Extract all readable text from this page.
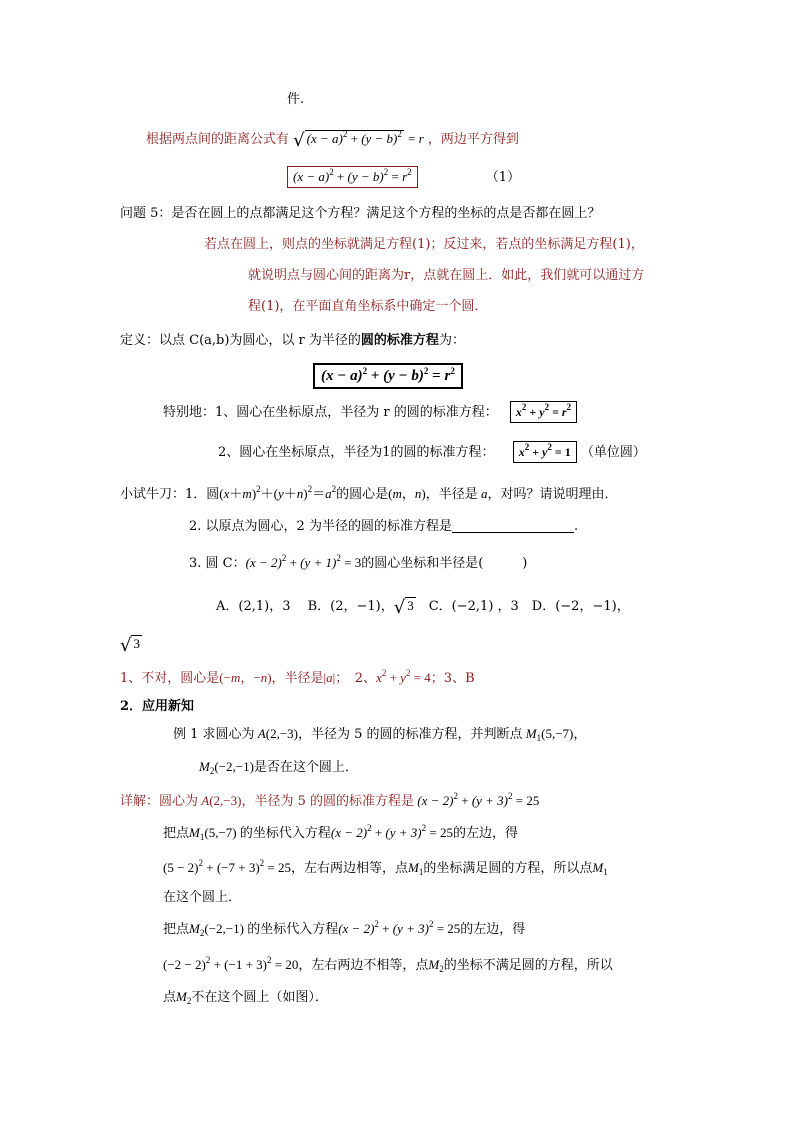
件.
根据两点间的距离公式有 √ $(x - a)^2 + (y - b)^2 = r$ ，两边平方得到
$(x - a)^2 + (y - b)^2 = r^2$	（1）
问题 5：是否在圆上的点都满足这个方程？满足这个方程的坐标的点是否都在圆上？
若点在圆上，则点的坐标就满足方程(1)；反过来，若点的坐标满足方程(1)，
就说明点与圆心间的距离为r，点就在圆上．如此，我们就可以通过方
程(1)，在平面直角坐标系中确定一个圆．
定义：以点 C(a,b)为圆心，以 r 为半径的圆的标准方程为：
$(x - a)^2 + (y - b)^2 = r^2$
特别地：1、圆心在坐标原点，半径为 r 的圆的标准方程： $x^2 + y^2 = r^2$
2、圆心在坐标原点，半径为1的圆的标准方程： $x^2 + y^2 = 1$ （单位圆）
小试牛刀：1．圆$(x+m)^2+(y+n)^2=a^2$的圆心是(m，n)，半径是 a，对吗？请说明理由．
2. 以原点为圆心，2 为半径的圆的标准方程是	.
3. 圆 C：$(x - 2)^2 + (y + 1)^2 = 3$的圆心坐标和半径是(　　　)
A．(2,1)，3　 B．(2，−1)，√ 3　C．(−2,1) ，3　D．(−2，−1)，
√ 3
1、不对，圆心是(−m，−n)，半径是|a|；　2、$x^2 + y^2 = 4$；3、B
2．应用新知
例 1 求圆心为 A(2,−3)，半径为 5 的圆的标准方程，并判断点 $M_1(5,-7)$，
$M_2(-2,-1)$是否在这个圆上．
详解：圆心为 A(2,−3)，半径为 5 的圆的标准方程是 $(x - 2)^2 + (y + 3)^2 = 25$
把点$M_1(5,-7)$ 的坐标代入方程$(x - 2)^2 + (y + 3)^2 = 25$的左边，得
$(5 - 2)^2 + (-7 + 3)^2 = 25$，左右两边相等，点$M_1$的坐标满足圆的方程，所以点$M_1$
在这个圆上．
把点$M_2(-2,-1)$ 的坐标代入方程$(x - 2)^2 + (y + 3)^2 = 25$的左边，得
$(-2 - 2)^2 + (-1 + 3)^2 = 20$，左右两边不相等，点$M_2$的坐标不满足圆的方程，所以
点$M_2$不在这个圆上（如图）．
